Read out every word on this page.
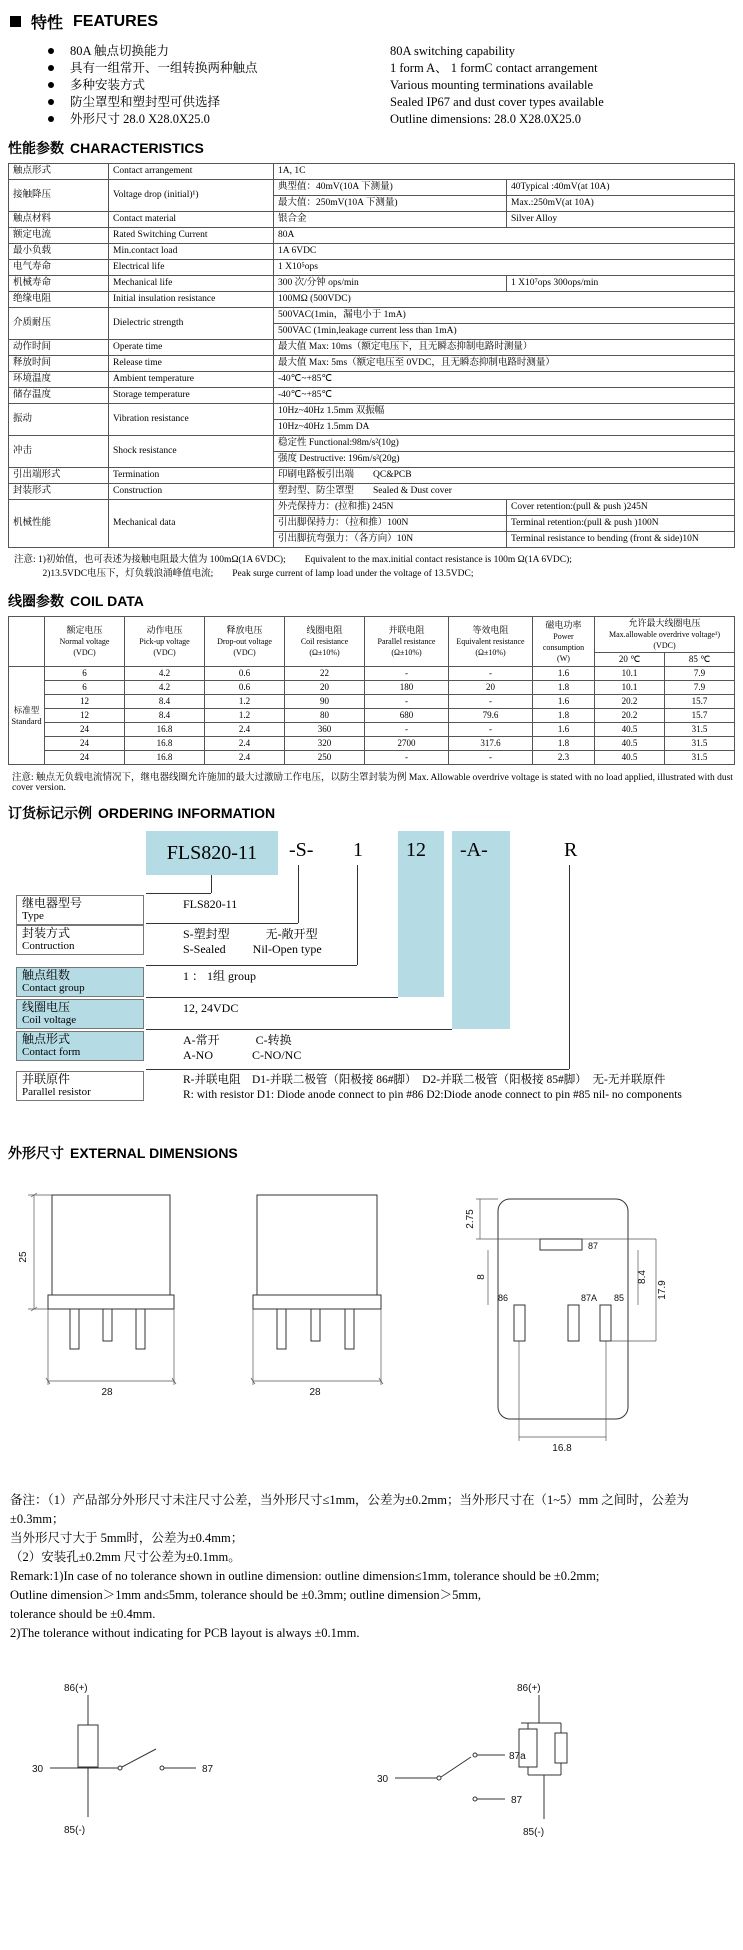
特性 FEATURES
80A 触点切换能力	80A switching capability
具有一组常开、一组转换两种触点	1 form A、 1 formC contact arrangement
多种安装方式	Various mounting terminations available
防尘罩型和塑封型可供选择	Sealed IP67 and dust cover types available
外形尺寸 28.0 X28.0X25.0	Outline dimensions: 28.0 X28.0X25.0
性能参数 CHARACTERISTICS
触点形式	Contact arrangement	1A, 1C	
接触降压	Voltage drop (initial)¹)	典型值：40mV(10A 下测量)	40Typical :40mV(at 10A)
		最大值：250mV(10A 下测量)	Max.:250mV(at 10A)
触点材料	Contact material	银合金	Silver Alloy
额定电流	Rated Switching Current	80A	
最小负载	Min.contact load	1A 6VDC	
电气寿命	Electrical life	1 X10⁵ops	
机械寿命	Mechanical life	300 次/分钟 ops/min	1 X10⁷ops 300ops/min
绝缘电阻	Initial insulation resistance	100MΩ (500VDC)	
介质耐压	Dielectric strength	500VAC(1min，漏电小于 1mA)	
		500VAC (1min,leakage current less than 1mA)	
动作时间	Operate time	最大值 Max: 10ms（额定电压下，且无瞬态抑制电路时测量）	
释放时间	Release time	最大值 Max: 5ms（额定电压至 0VDC，且无瞬态抑制电路时测量）	
环境温度	Ambient temperature	-40℃~+85℃	
储存温度	Storage temperature	-40℃~+85℃	
振动	Vibration resistance	10Hz~40Hz 1.5mm 双振幅	
		10Hz~40Hz 1.5mm DA	
冲击	Shock resistance	稳定性 Functional:98m/s²(10g)	
		强度 Destructive: 196m/s²(20g)	
引出端形式	Termination	印刷电路板引出端　　QC&PCB	
封装形式	Construction	塑封型、防尘罩型　　Sealed & Dust cover	
机械性能	Mechanical data	外壳保持力：(拉和推) 245N	Cover retention:(pull & push )245N
		引出脚保持力：（拉和推）100N	Terminal retention:(pull & push )100N
		引出脚抗弯强力：（各方向）10N	Terminal resistance to bending (front & side)10N
注意: 1)初始值，也可表述为接触电阻最大值为 100mΩ(1A 6VDC);　　Equivalent to the max.initial contact resistance is 100m Ω(1A 6VDC);
　　　2)13.5VDC电压下，灯负载浪涌峰值电流;　　Peak surge current of lamp load under the voltage of 13.5VDC;
线圈参数 COIL DATA

额定电压
Normal voltage
(VDC)

动作电压
Pick-up voltage
(VDC)

释放电压
Drop-out voltage
(VDC)

线圈电阻
Coil resistance
(Ω±10%)

并联电阻
Parallel resistance
(Ω±10%)

等效电阻
Equivalent resistance
(Ω±10%)

磁电功率
Power consumption
(W)

允许最大线圈电压
Max.allowable overdrive voltage¹) (VDC)

								20 ℃	85 ℃

标准型
Standard	6	4.2	0.6	22	-	-	1.6	10.1	7.9
	6	4.2	0.6	20	180	20	1.8	10.1	7.9
	12	8.4	1.2	90	-	-	1.6	20.2	15.7
	12	8.4	1.2	80	680	79.6	1.8	20.2	15.7
	24	16.8	2.4	360	-	-	1.6	40.5	31.5
	24	16.8	2.4	320	2700	317.6	1.8	40.5	31.5
	24	16.8	2.4	250	-	-	2.3	40.5	31.5
注意: 触点无负载电流情况下，继电器线圈允许施加的最大过激励工作电压，以防尘罩封装为例 Max. Allowable overdrive voltage is stated with no load applied, illustrated with dust cover version.
订货标记示例 ORDERING INFORMATION
FLS820-11	-S- 1 12 -A-	R
继电器型号
Type
FLS820-11
封装方式
Contruction
S-塑封型　　　无-敞开型
S-Sealed　　 Nil-Open type
触点组数
Contact group
1 ： 1组 group
线圈电压
Coil voltage
12, 24VDC
触点形式
Contact form
A-常开　　　C-转换
A-NO　　　 C-NO/NC
并联原件
Parallel resistor
R-并联电阻　D1-并联二极管（阳极接 86#脚）　D2-并联二极管（阳极接 85#脚）　无-无并联原件
R: with resistor D1: Diode anode connect to pin #86 D2:Diode anode connect to pin #85 nil- no components
外形尺寸 EXTERNAL DIMENSIONS
25
28	28
87
86	87A 85
2.75
8	8.4
17.9
16.8
备注：（1）产品部分外形尺寸未注尺寸公差，当外形尺寸≤1mm，公差为±0.2mm；当外形尺寸在（1~5）mm 之间时，公差为±0.3mm；
当外形尺寸大于 5mm时，公差为±0.4mm；
（2）安装孔±0.2mm 尺寸公差为±0.1mm。
Remark:1)In case of no tolerance shown in outline dimension: outline dimension≤1mm, tolerance should be ±0.2mm;
Outline dimension＞1mm and≤5mm, tolerance should be ±0.3mm; outline dimension＞5mm,
tolerance should be ±0.4mm.
2)The tolerance without indicating for PCB layout is always ±0.1mm.
86(+)
85(-)
30	87
86(+)
85(-)
30
87a
87
